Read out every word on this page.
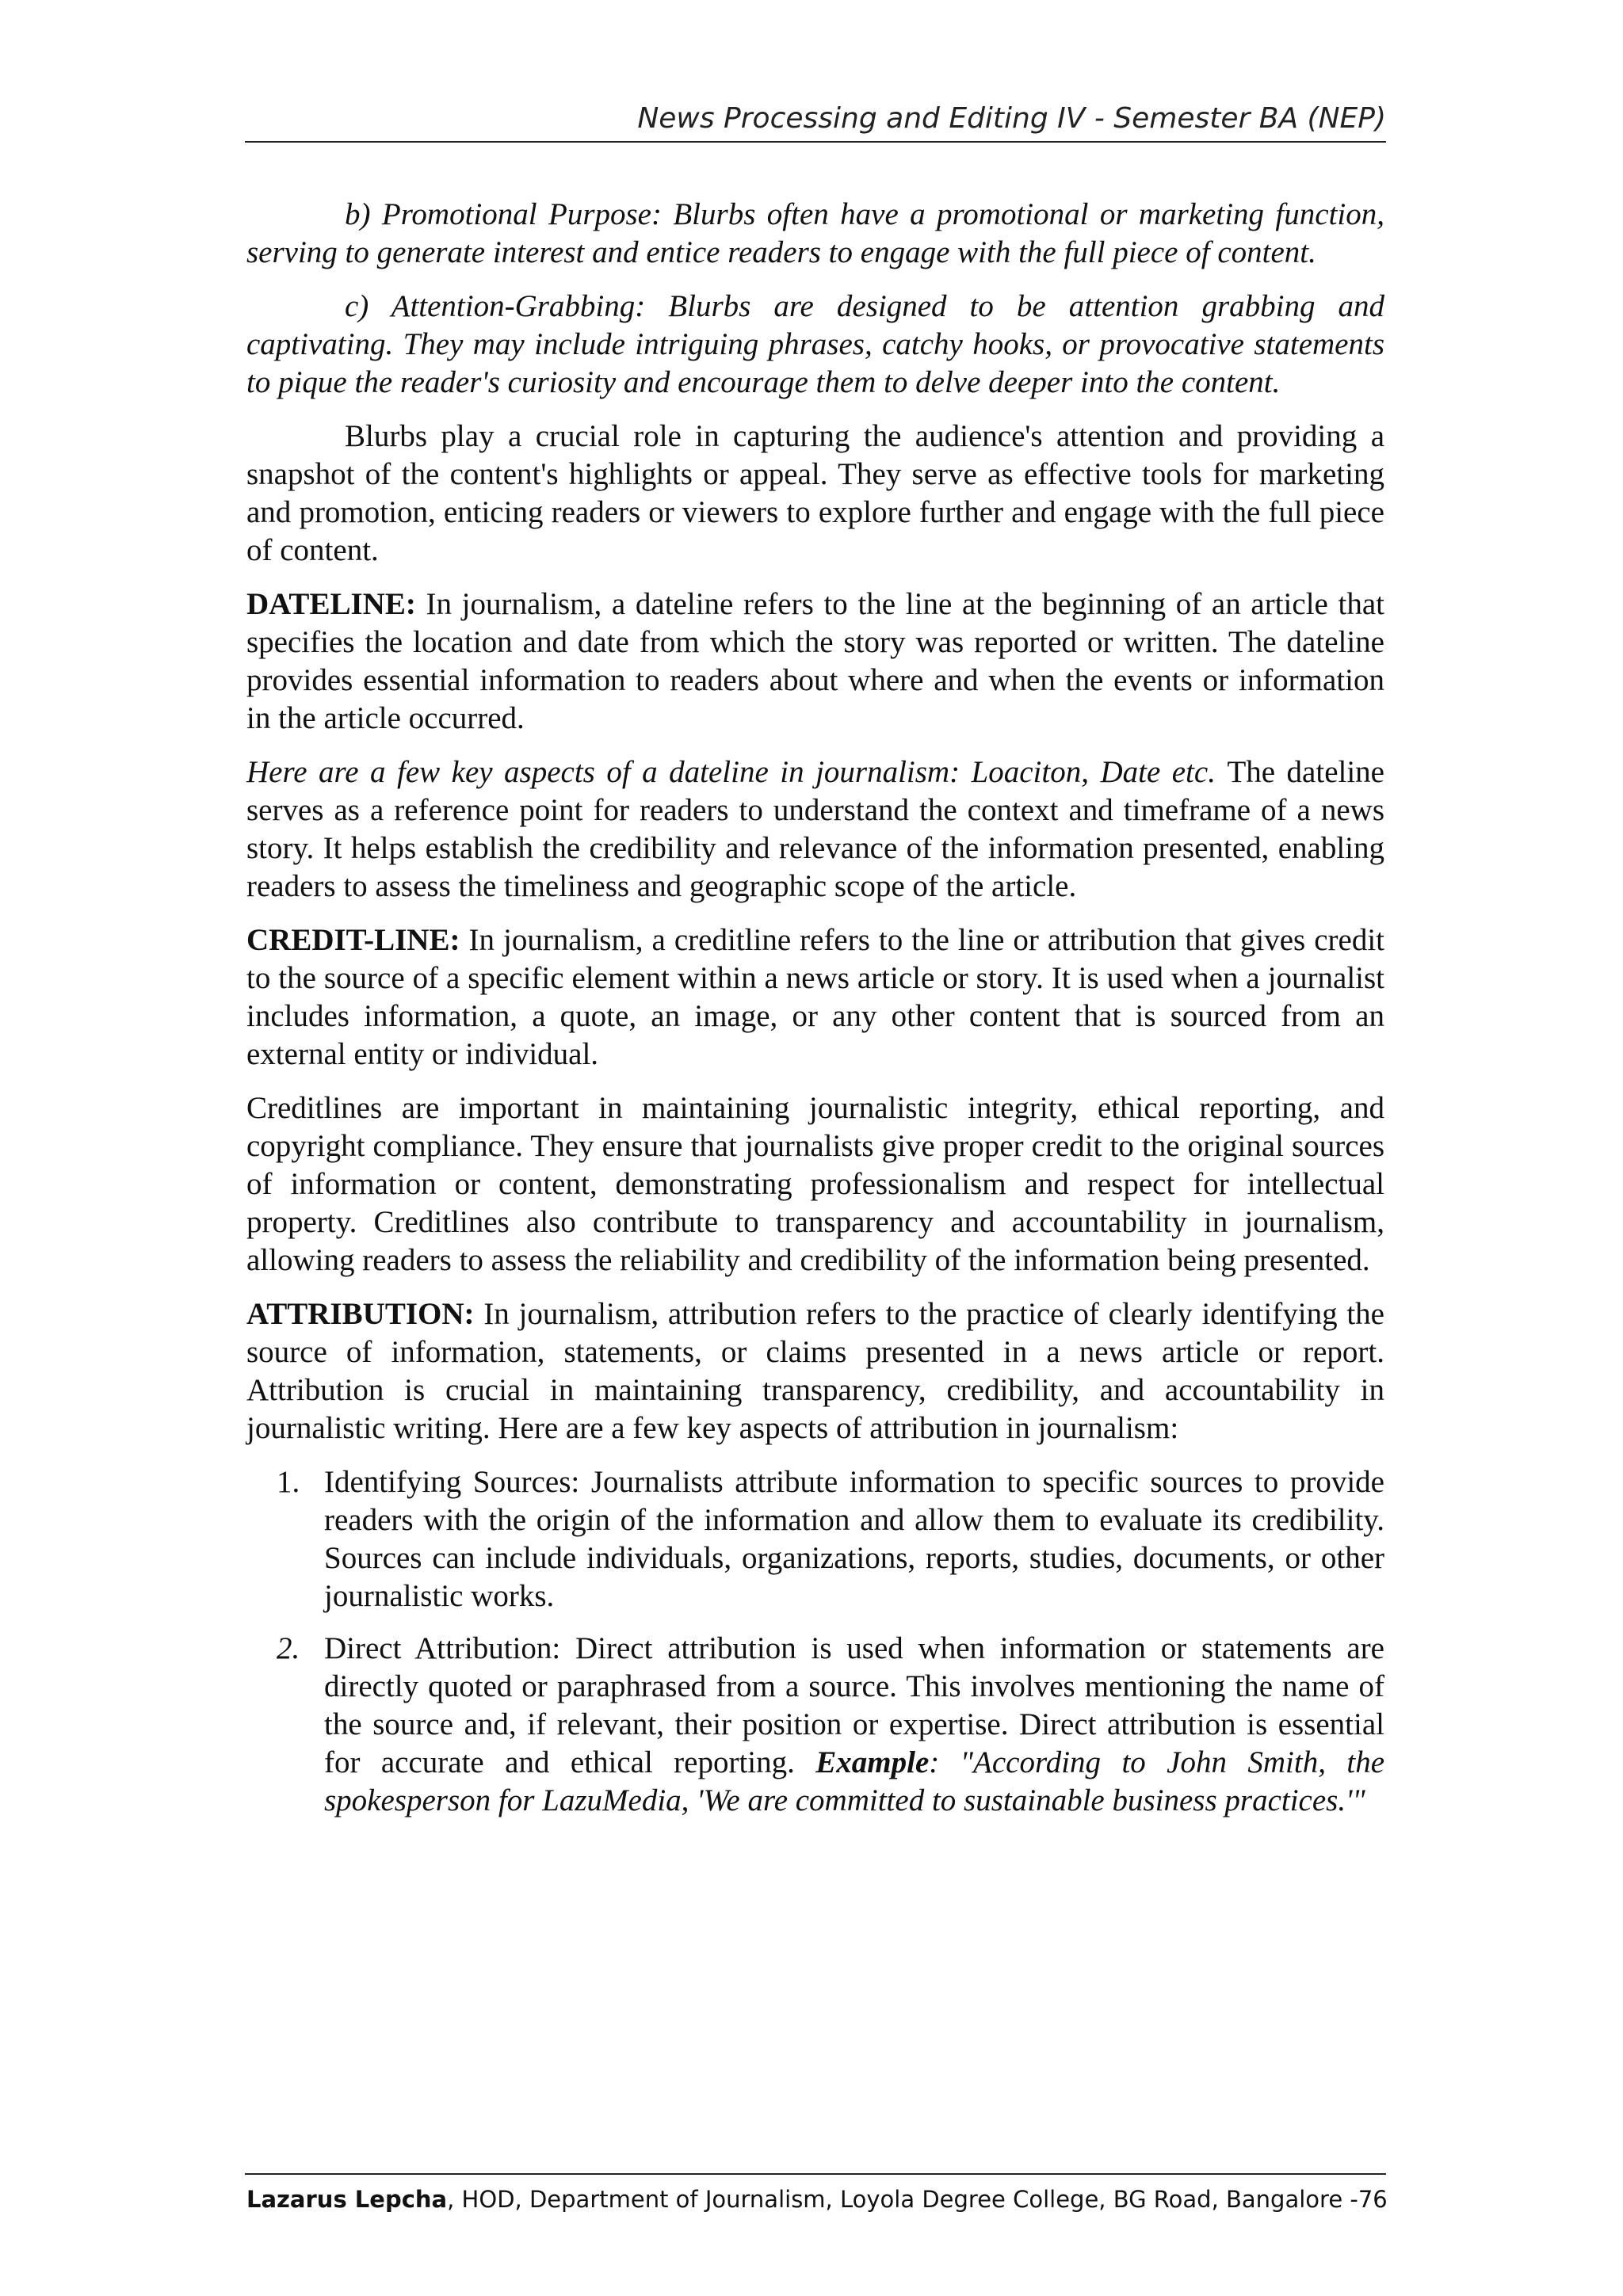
News Processing and Editing IV - Semester BA (NEP)

b) Promotional Purpose: Blurbs often have a promotional or marketing function, serving to generate interest and entice readers to engage with the full piece of content.

c) Attention-Grabbing: Blurbs are designed to be attention grabbing and captivating. They may include intriguing phrases, catchy hooks, or provocative statements to pique the reader's curiosity and encourage them to delve deeper into the content.

Blurbs play a crucial role in capturing the audience's attention and providing a snapshot of the content's highlights or appeal. They serve as effective tools for marketing and promotion, enticing readers or viewers to explore further and engage with the full piece of content.

DATELINE: In journalism, a dateline refers to the line at the beginning of an article that specifies the location and date from which the story was reported or written. The dateline provides essential information to readers about where and when the events or information in the article occurred.

Here are a few key aspects of a dateline in journalism: Loaciton, Date etc. The dateline serves as a reference point for readers to understand the context and timeframe of a news story. It helps establish the credibility and relevance of the information presented, enabling readers to assess the timeliness and geographic scope of the article.

CREDIT-LINE: In journalism, a creditline refers to the line or attribution that gives credit to the source of a specific element within a news article or story. It is used when a journalist includes information, a quote, an image, or any other content that is sourced from an external entity or individual.

Creditlines are important in maintaining journalistic integrity, ethical reporting, and copyright compliance. They ensure that journalists give proper credit to the original sources of information or content, demonstrating professionalism and respect for intellectual property. Creditlines also contribute to transparency and accountability in journalism, allowing readers to assess the reliability and credibility of the information being presented.

ATTRIBUTION: In journalism, attribution refers to the practice of clearly identifying the source of information, statements, or claims presented in a news article or report. Attribution is crucial in maintaining transparency, credibility, and accountability in journalistic writing. Here are a few key aspects of attribution in journalism:

1. Identifying Sources: Journalists attribute information to specific sources to provide readers with the origin of the information and allow them to evaluate its credibility. Sources can include individuals, organizations, reports, studies, documents, or other journalistic works.
2. Direct Attribution: Direct attribution is used when information or statements are directly quoted or paraphrased from a source. This involves mentioning the name of the source and, if relevant, their position or expertise. Direct attribution is essential for accurate and ethical reporting. Example: "According to John Smith, the spokesperson for LazuMedia, 'We are committed to sustainable business practices.'"
Lazarus Lepcha, HOD, Department of Journalism, Loyola Degree College, BG Road, Bangalore -76
